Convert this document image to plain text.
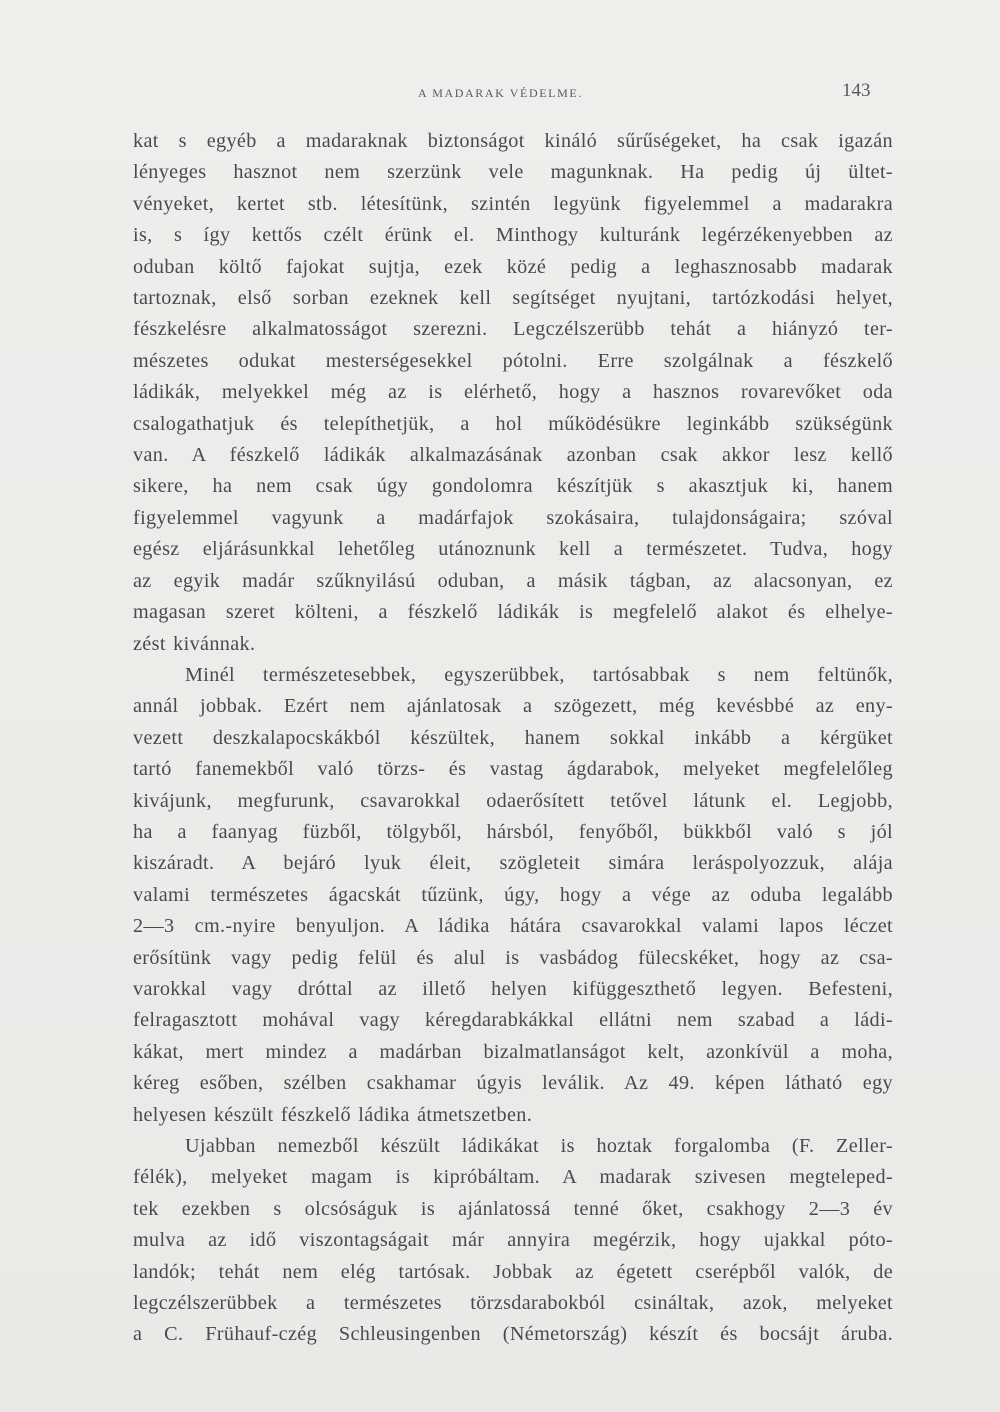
A MADARAK VÉDELME.	143

kat s egyéb a madaraknak biztonságot kináló sűrűségeket, ha csak igazán
lényeges hasznot nem szerzünk vele magunknak. Ha pedig új ültet-
vényeket, kertet stb. létesítünk, szintén legyünk figyelemmel a madarakra
is, s így kettős czélt érünk el. Minthogy kulturánk legérzékenyebben az
oduban költő fajokat sujtja, ezek közé pedig a leghasznosabb madarak
tartoznak, első sorban ezeknek kell segítséget nyujtani, tartózkodási helyet,
fészkelésre alkalmatosságot szerezni. Legczélszerübb tehát a hiányzó ter-
mészetes odukat mesterségesekkel pótolni. Erre szolgálnak a fészkelő
ládikák, melyekkel még az is elérhető, hogy a hasznos rovarevőket oda
csalogathatjuk és telepíthetjük, a hol működésükre leginkább szükségünk
van. A fészkelő ládikák alkalmazásának azonban csak akkor lesz kellő
sikere, ha nem csak úgy gondolomra készítjük s akasztjuk ki, hanem
figyelemmel vagyunk a madárfajok szokásaira, tulajdonságaira; szóval
egész eljárásunkkal lehetőleg utánoznunk kell a természetet. Tudva, hogy
az egyik madár szűknyilású oduban, a másik tágban, az alacsonyan, ez
magasan szeret költeni, a fészkelő ládikák is megfelelő alakot és elhelye-
zést kivánnak.

Minél természetesebbek, egyszerübbek, tartósabbak s nem feltünők,
annál jobbak. Ezért nem ajánlatosak a szögezett, még kevésbbé az eny-
vezett deszkalapocskákból készültek, hanem sokkal inkább a kérgüket
tartó fanemekből való törzs- és vastag ágdarabok, melyeket megfelelőleg
kivájunk, megfurunk, csavarokkal odaerősített tetővel látunk el. Legjobb,
ha a faanyag füzből, tölgyből, hársból, fenyőből, bükkből való s jól
kiszáradt. A bejáró lyuk éleit, szögleteit simára leráspolyozzuk, alája
valami természetes ágacskát tűzünk, úgy, hogy a vége az oduba legalább
2—3 cm.-nyire benyuljon. A ládika hátára csavarokkal valami lapos léczet
erősítünk vagy pedig felül és alul is vasbádog fülecskéket, hogy az csa-
varokkal vagy dróttal az illető helyen kifüggeszthető legyen. Befesteni,
felragasztott mohával vagy kéregdarabkákkal ellátni nem szabad a ládi-
kákat, mert mindez a madárban bizalmatlanságot kelt, azonkívül a moha,
kéreg esőben, szélben csakhamar úgyis leválik. Az 49. képen látható egy
helyesen készült fészkelő ládika átmetszetben.

Ujabban nemezből készült ládikákat is hoztak forgalomba (F. Zeller-
félék), melyeket magam is kipróbáltam. A madarak szivesen megteleped-
tek ezekben s olcsóságuk is ajánlatossá tenné őket, csakhogy 2—3 év
mulva az idő viszontagságait már annyira megérzik, hogy ujakkal póto-
landók; tehát nem elég tartósak. Jobbak az égetett cserépből valók, de
legczélszerübbek a természetes törzsdarabokból csináltak, azok, melyeket
a C. Frühauf-czég Schleusingenben (Németország) készít és bocsájt áruba.
